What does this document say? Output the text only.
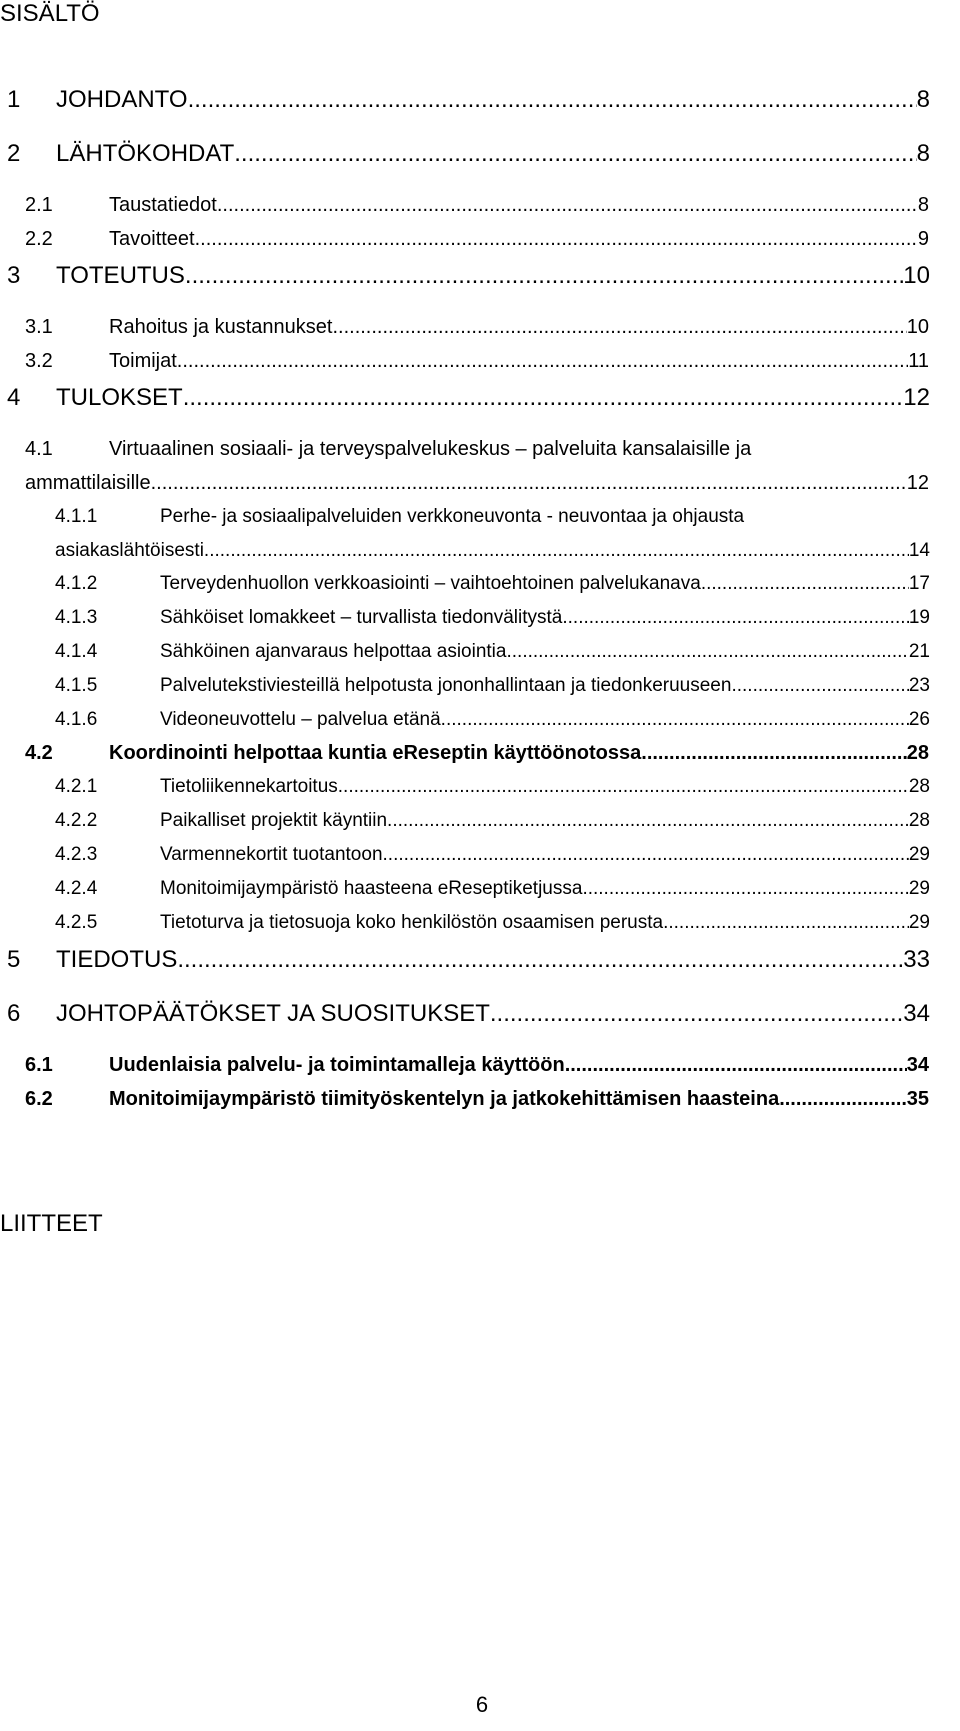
SISÄLTÖ
1 JOHDANTO .....	8
2 LÄHTÖKOHDAT .....	8
2.1	Taustatiedot .....	8
2.2	Tavoitteet .....	9
3 TOTEUTUS .....	10
3.1	Rahoitus ja kustannukset .....	10
3.2	Toimijat .....	11
4 TULOKSET .....	12
4.1	Virtuaalinen sosiaali- ja terveyspalvelukeskus – palveluita kansalaisille ja
ammattilaisille .....	12
4.1.1	Perhe- ja sosiaalipalveluiden verkkoneuvonta - neuvontaa ja ohjausta
asiakaslähtöisesti .....	14
4.1.2	Terveydenhuollon verkkoasiointi – vaihtoehtoinen palvelukanava .....	17
4.1.3	Sähköiset lomakkeet – turvallista tiedonvälitystä .....	19
4.1.4	Sähköinen ajanvaraus helpottaa asiointia .....	21
4.1.5	Palvelutekstiviesteillä helpotusta jononhallintaan ja tiedonkeruuseen .....	23
4.1.6	Videoneuvottelu – palvelua etänä .....	26
4.2	Koordinointi helpottaa kuntia eReseptin käyttöönotossa .....	28
4.2.1	Tietoliikennekartoitus .....	28
4.2.2	Paikalliset projektit käyntiin .....	28
4.2.3	Varmennekortit tuotantoon .....	29
4.2.4	Monitoimijaympäristö haasteena eReseptiketjussa .....	29
4.2.5	Tietoturva ja tietosuoja koko henkilöstön osaamisen perusta .....	29
5 TIEDOTUS .....	33
6 JOHTOPÄÄTÖKSET JA SUOSITUKSET .....	34
6.1	Uudenlaisia palvelu- ja toimintamalleja käyttöön .....	34
6.2	Monitoimijaympäristö tiimityöskentelyn ja jatkokehittämisen haasteina .....	35
LIITTEET
6
